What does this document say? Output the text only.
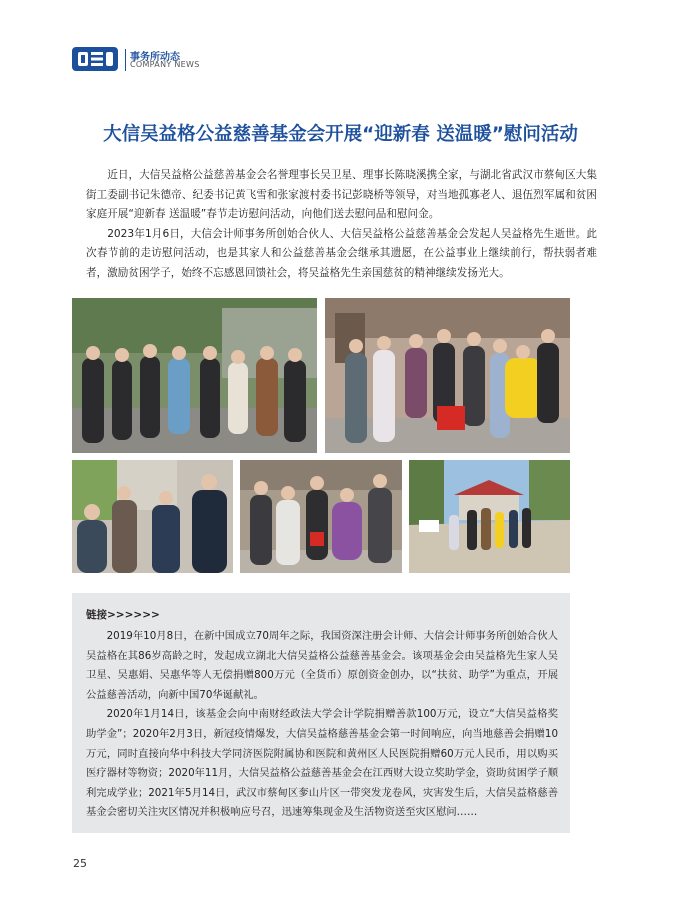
事务所动态
COMPANY NEWS
大信吴益格公益慈善基金会开展“迎新春 送温暖”慰问活动

近日，大信吴益格公益慈善基金会名誉理事长吴卫星、理事长陈晓溪携全家，与湖北省武汉市蔡甸区大集街工委副书记朱德帝、纪委书记黄飞雪和张家渡村委书记彭晓桥等领导，对当地孤寡老人、退伍烈军属和贫困家庭开展“迎新春 送温暖”春节走访慰问活动，向他们送去慰问品和慰问金。

2023年1月6日，大信会计师事务所创始合伙人、大信吴益格公益慈善基金会发起人吴益格先生逝世。此次春节前的走访慰问活动，也是其家人和公益慈善基金会继承其遗愿，在公益事业上继续前行，帮扶弱者难者，激励贫困学子，始终不忘感恩回馈社会，将吴益格先生亲国慈贫的精神继续发扬光大。

链接>>>>>>

2019年10月8日，在新中国成立70周年之际，我国资深注册会计师、大信会计师事务所创始合伙人吴益格在其86岁高龄之时，发起成立湖北大信吴益格公益慈善基金会。该项基金会由吴益格先生家人吴卫星、吴惠娟、吴惠华等人无偿捐赠800万元（全货币）原创资金创办，以“扶贫、助学”为重点，开展公益慈善活动，向新中国70华诞献礼。

2020年1月14日，该基金会向中南财经政法大学会计学院捐赠善款100万元，设立“大信吴益格奖助学金”；2020年2月3日，新冠疫情爆发，大信吴益格慈善基金会第一时间响应，向当地慈善会捐赠10万元，同时直接向华中科技大学同济医院附属协和医院和黄州区人民医院捐赠60万元人民币，用以购买医疗器材等物资；2020年11月，大信吴益格公益慈善基金会在江西财大设立奖助学金，资助贫困学子顺利完成学业；2021年5月14日，武汉市蔡甸区奓山片区一带突发龙卷风，灾害发生后，大信吴益格慈善基金会密切关注灾区情况并积极响应号召，迅速筹集现金及生活物资送至灾区慰问……

25
